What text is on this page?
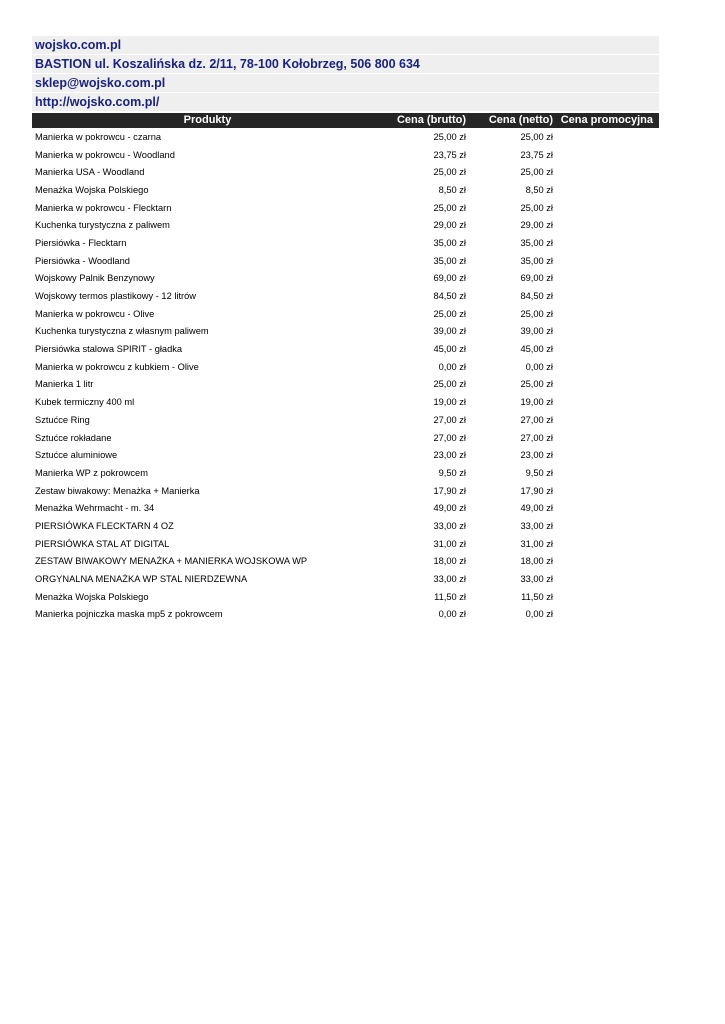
wojsko.com.pl
BASTION ul. Koszalińska dz. 2/11, 78-100 Kołobrzeg, 506 800 634
sklep@wojsko.com.pl
http://wojsko.com.pl/
Produkty	Cena (brutto)	Cena (netto)	Cena promocyjna
Manierka w pokrowcu - czarna	25,00 zł	25,00 zł	
Manierka w pokrowcu - Woodland	23,75 zł	23,75 zł	
Manierka USA - Woodland	25,00 zł	25,00 zł	
Menażka Wojska Polskiego	8,50 zł	8,50 zł	
Manierka w pokrowcu - Flecktarn	25,00 zł	25,00 zł	
Kuchenka turystyczna z paliwem	29,00 zł	29,00 zł	
Piersiówka - Flecktarn	35,00 zł	35,00 zł	
Piersiówka - Woodland	35,00 zł	35,00 zł	
Wojskowy Palnik Benzynowy	69,00 zł	69,00 zł	
Wojskowy termos plastikowy - 12 litrów	84,50 zł	84,50 zł	
Manierka w pokrowcu - Olive	25,00 zł	25,00 zł	
Kuchenka turystyczna z własnym paliwem	39,00 zł	39,00 zł	
Piersiówka stalowa SPIRIT - gładka	45,00 zł	45,00 zł	
Manierka w pokrowcu z kubkiem - Olive	0,00 zł	0,00 zł	
Manierka 1 litr	25,00 zł	25,00 zł	
Kubek termiczny 400 ml	19,00 zł	19,00 zł	
Sztućce Ring	27,00 zł	27,00 zł	
Sztućce rokładane	27,00 zł	27,00 zł	
Sztućce aluminiowe	23,00 zł	23,00 zł	
Manierka WP z pokrowcem	9,50 zł	9,50 zł	
Zestaw biwakowy: Menażka + Manierka	17,90 zł	17,90 zł	
Menażka Wehrmacht - m. 34	49,00 zł	49,00 zł	
PIERSIÓWKA FLECKTARN 4 OZ	33,00 zł	33,00 zł	
PIERSIÓWKA STAL AT DIGITAL	31,00 zł	31,00 zł	
ZESTAW BIWAKOWY MENAŻKA + MANIERKA WOJSKOWA WP	18,00 zł	18,00 zł	
ORGYNALNA MENAŻKA WP STAL NIERDZEWNA	33,00 zł	33,00 zł	
Menażka Wojska Polskiego	11,50 zł	11,50 zł	
Manierka pojniczka maska mp5 z pokrowcem	0,00 zł	0,00 zł	
